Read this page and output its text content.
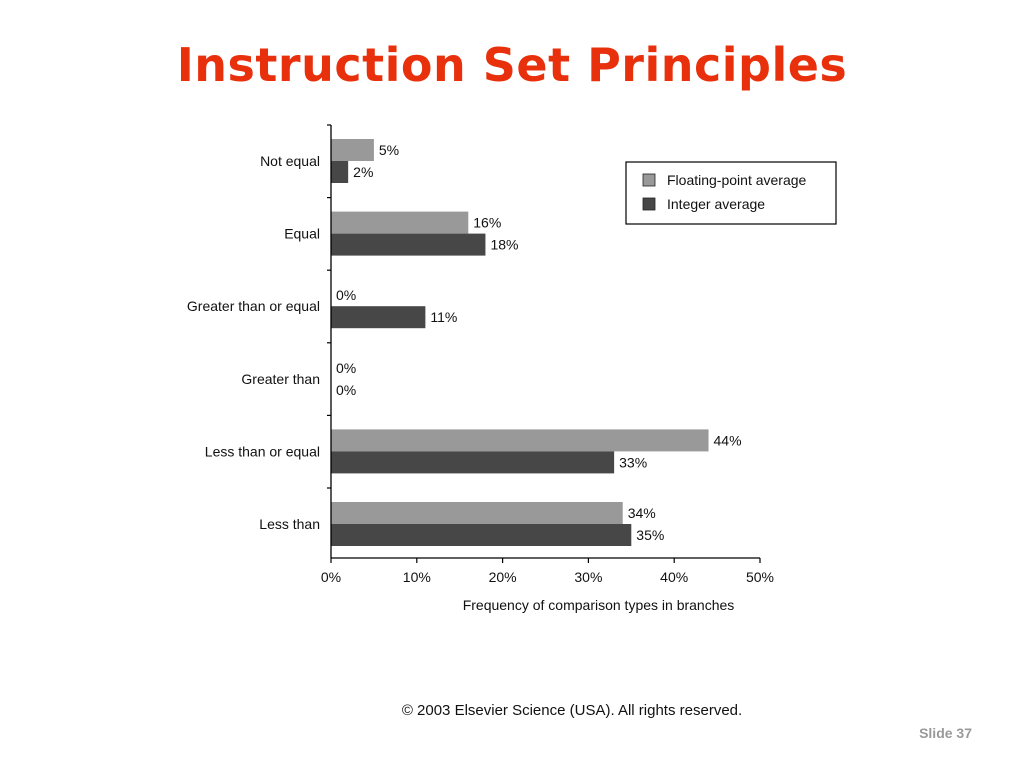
Instruction Set Principles
5%
2%
Not equal
16%
18%
Equal
0%
11%
Greater than or equal
0%
0%
Greater than
44%
33%
Less than or equal
34%
35%
Less than
0%	10%	20%	30%	40%	50%
Frequency of comparison types in branches
Floating-point average
Integer average
© 2003 Elsevier Science (USA). All rights reserved.
Slide 37
